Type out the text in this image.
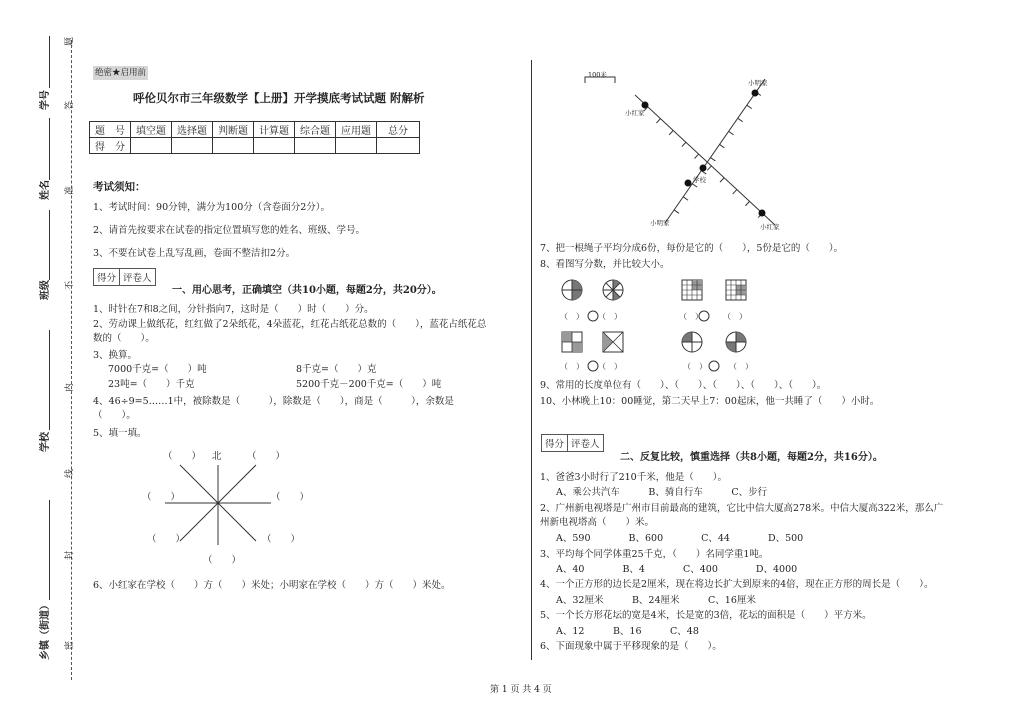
题
答
准
不
内
线
封
密
学号
姓名
班级
学校
乡镇（街道）
绝密★启用前
呼伦贝尔市三年级数学【上册】开学摸底考试试题 附解析
题　号	填空题	选择题	判断题	计算题	综合题	应用题	总分
得　分							
考试须知：
1、考试时间：90分钟，满分为100分（含卷面分2分）。
2、请首先按要求在试卷的指定位置填写您的姓名、班级、学号。
3、不要在试卷上乱写乱画，卷面不整洁扣2分。
得分 评卷人
一、用心思考，正确填空（共10小题，每题2分，共20分）。
1、时针在7和8之间，分针指向7，这时是（　　）时（　　）分。
2、劳动课上做纸花，红红做了2朵纸花，4朵蓝花，红花占纸花总数的（　　），蓝花占纸花总
数的（　　）。
3、换算。
7000千克=（　　）吨	8千克=（　　）克
23吨=（　　）千克	5200千克－200千克=（　　）吨
4、46÷9=5……1中，被除数是（　　　），除数是（　　），商是（　　　），余数是
（　　）。
5、填一填。
（　　） 北	（　　）
（　　）	（　　）
（　　）	（　　）
（　　）
6、小红家在学校（　　）方（　　）米处；小明家在学校（　　）方（　　）米处。
100米
小明家
小红家
学校
小明家	小红家
7、把一根绳子平均分成6份，每份是它的（　　），5份是它的（　　）。
8、看图写分数，并比较大小。
（　） （　）	（　）	（　）
（　） （　）	（　）	（　）
9、常用的长度单位有（　　）、（　　）、（　　）、（　　）、（　　）。
10、小林晚上10：00睡觉，第二天早上7：00起床，他一共睡了（　　）小时。
得分 评卷人
二、反复比较，慎重选择（共8小题，每题2分，共16分）。
1、爸爸3小时行了210千米，他是（　　）。
A、乘公共汽车　　　B、骑自行车　　　C、步行
2、广州新电视塔是广州市目前最高的建筑，它比中信大厦高278米。中信大厦高322米，那么广
州新电视塔高（　　）米。
A、590　　　　B、600　　　　C、44　　　　D、500
3、平均每个同学体重25千克，（　　）名同学重1吨。
A、40　　　　B、4　　　　C、400　　　　D、4000
4、一个正方形的边长是2厘米，现在将边长扩大到原来的4倍，现在正方形的周长是（　　）。
A、32厘米　　　B、24厘米　　　C、16厘米
5、一个长方形花坛的宽是4米，长是宽的3倍，花坛的面积是（　　）平方米。
A、12　　　B、16　　　C、48
6、下面现象中属于平移现象的是（　　）。
第 1 页 共 4 页
